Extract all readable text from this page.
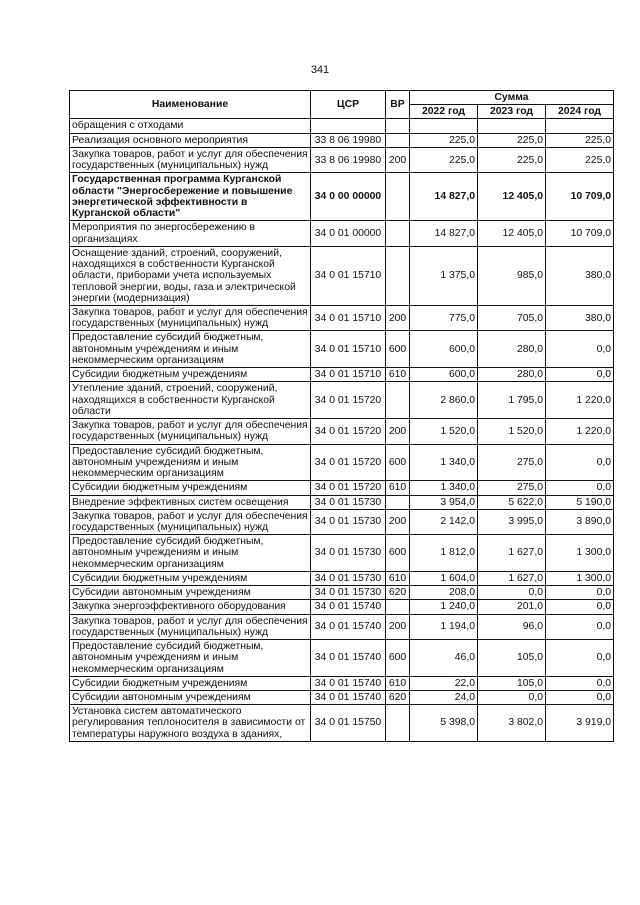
341
Наименование	ЦСР	ВР	Сумма		
			2022 год	2023 год	2024 год
обращения с отходами					
Реализация основного мероприятия	33 8 06 19980		225,0	225,0	225,0
Закупка товаров, работ и услуг для обеспечения государственных (муниципальных) нужд	33 8 06 19980	200	225,0	225,0	225,0
Государственная программа Курганской области "Энергосбережение и повышение энергетической эффективности в Курганской области"	34 0 00 00000		14 827,0	12 405,0	10 709,0
Мероприятия по энергосбережению в организациях	34 0 01 00000		14 827,0	12 405,0	10 709,0
Оснащение зданий, строений, сооружений, находящихся в собственности Курганской области, приборами учета используемых тепловой энергии, воды, газа и электрической энергии (модернизация)	34 0 01 15710		1 375,0	985,0	380,0
Закупка товаров, работ и услуг для обеспечения государственных (муниципальных) нужд	34 0 01 15710	200	775,0	705,0	380,0
Предоставление субсидий бюджетным, автономным учреждениям и иным некоммерческим организациям	34 0 01 15710	600	600,0	280,0	0,0
Субсидии бюджетным учреждениям	34 0 01 15710	610	600,0	280,0	0,0
Утепление зданий, строений, сооружений, находящихся в собственности Курганской области	34 0 01 15720		2 860,0	1 795,0	1 220,0
Закупка товаров, работ и услуг для обеспечения государственных (муниципальных) нужд	34 0 01 15720	200	1 520,0	1 520,0	1 220,0
Предоставление субсидий бюджетным, автономным учреждениям и иным некоммерческим организациям	34 0 01 15720	600	1 340,0	275,0	0,0
Субсидии бюджетным учреждениям	34 0 01 15720	610	1 340,0	275,0	0,0
Внедрение эффективных систем освещения	34 0 01 15730		3 954,0	5 622,0	5 190,0
Закупка товаров, работ и услуг для обеспечения государственных (муниципальных) нужд	34 0 01 15730	200	2 142,0	3 995,0	3 890,0
Предоставление субсидий бюджетным, автономным учреждениям и иным некоммерческим организациям	34 0 01 15730	600	1 812,0	1 627,0	1 300,0
Субсидии бюджетным учреждениям	34 0 01 15730	610	1 604,0	1 627,0	1 300,0
Субсидии автономным учреждениям	34 0 01 15730	620	208,0	0,0	0,0
Закупка энергоэффективного оборудования	34 0 01 15740		1 240,0	201,0	0,0
Закупка товаров, работ и услуг для обеспечения государственных (муниципальных) нужд	34 0 01 15740	200	1 194,0	96,0	0,0
Предоставление субсидий бюджетным, автономным учреждениям и иным некоммерческим организациям	34 0 01 15740	600	46,0	105,0	0,0
Субсидии бюджетным учреждениям	34 0 01 15740	610	22,0	105,0	0,0
Субсидии автономным учреждениям	34 0 01 15740	620	24,0	0,0	0,0
Установка систем автоматического регулирования теплоносителя в зависимости от температуры наружного воздуха в зданиях,	34 0 01 15750		5 398,0	3 802,0	3 919,0
